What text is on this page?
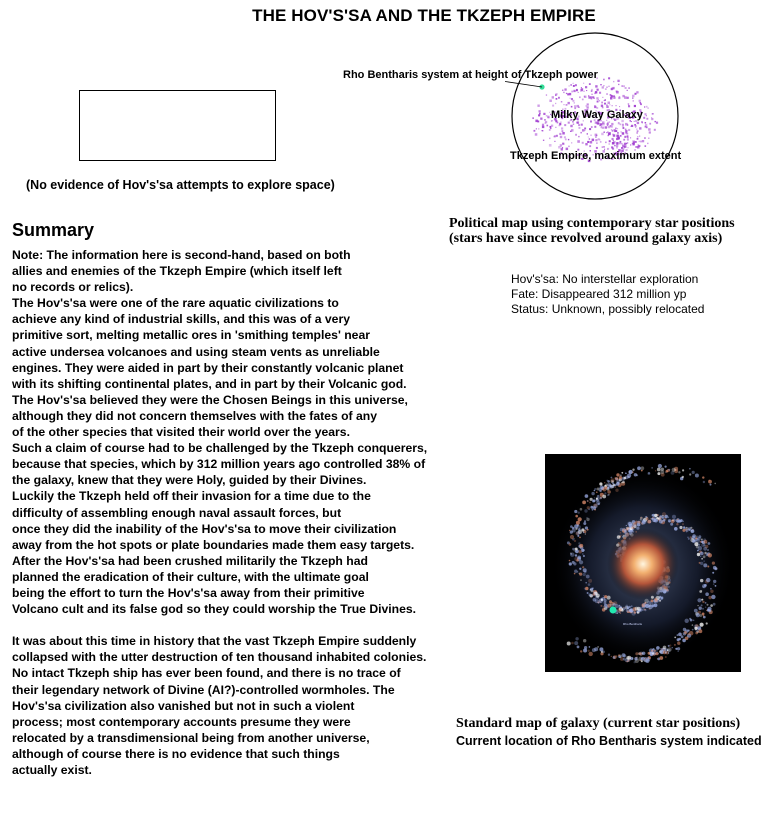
THE HOV'S'SA AND THE TKZEPH EMPIRE
(No evidence of Hov's'sa attempts to explore space)
Summary
Note: The information here is second-hand, based on both
allies and enemies of the Tkzeph Empire (which itself left
no records or relics).
The Hov's'sa were one of the rare aquatic civilizations to
achieve any kind of industrial skills, and this was of a very
primitive sort, melting metallic ores in 'smithing temples' near
active undersea volcanoes and using steam vents as unreliable
engines. They were aided in part by their constantly volcanic planet
with its shifting continental plates, and in part by their Volcanic god.
The Hov's'sa believed they were the Chosen Beings in this universe,
although they did not concern themselves with the fates of any
of the other species that visited their world over the years.
Such a claim of course had to be challenged by the Tkzeph conquerers,
because that species, which by 312 million years ago controlled 38% of
the galaxy, knew that they were Holy, guided by their Divines.
Luckily the Tkzeph held off their invasion for a time due to the
difficulty of assembling enough naval assault forces, but
once they did the inability of the Hov's'sa to move their civilization
away from the hot spots or plate boundaries made them easy targets.
After the Hov's'sa had been crushed militarily the Tkzeph had
planned the eradication of their culture, with the ultimate goal
being the effort to turn the Hov's'sa away from their primitive
Volcano cult and its false god so they could worship the True Divines.
It was about this time in history that the vast Tkzeph Empire suddenly
collapsed with the utter destruction of ten thousand inhabited colonies.
No intact Tkzeph ship has ever been found, and there is no trace of
their legendary network of Divine (AI?)-controlled wormholes. The
Hov's'sa civilization also vanished but not in such a violent
process; most contemporary accounts presume they were
relocated by a transdimensional being from another universe,
although of course there is no evidence that such things
actually exist.
Rho Bentharis system at height of Tkzeph power
Milky Way Galaxy
Tkzeph Empire, maximum extent
Political map using contemporary star positions
(stars have since revolved around galaxy axis)
Hov's'sa: No interstellar exploration
Fate: Disappeared 312 million yp
Status: Unknown, possibly relocated
Rho Bentharis
Standard map of galaxy (current star positions)
Current location of Rho Bentharis system indicated
